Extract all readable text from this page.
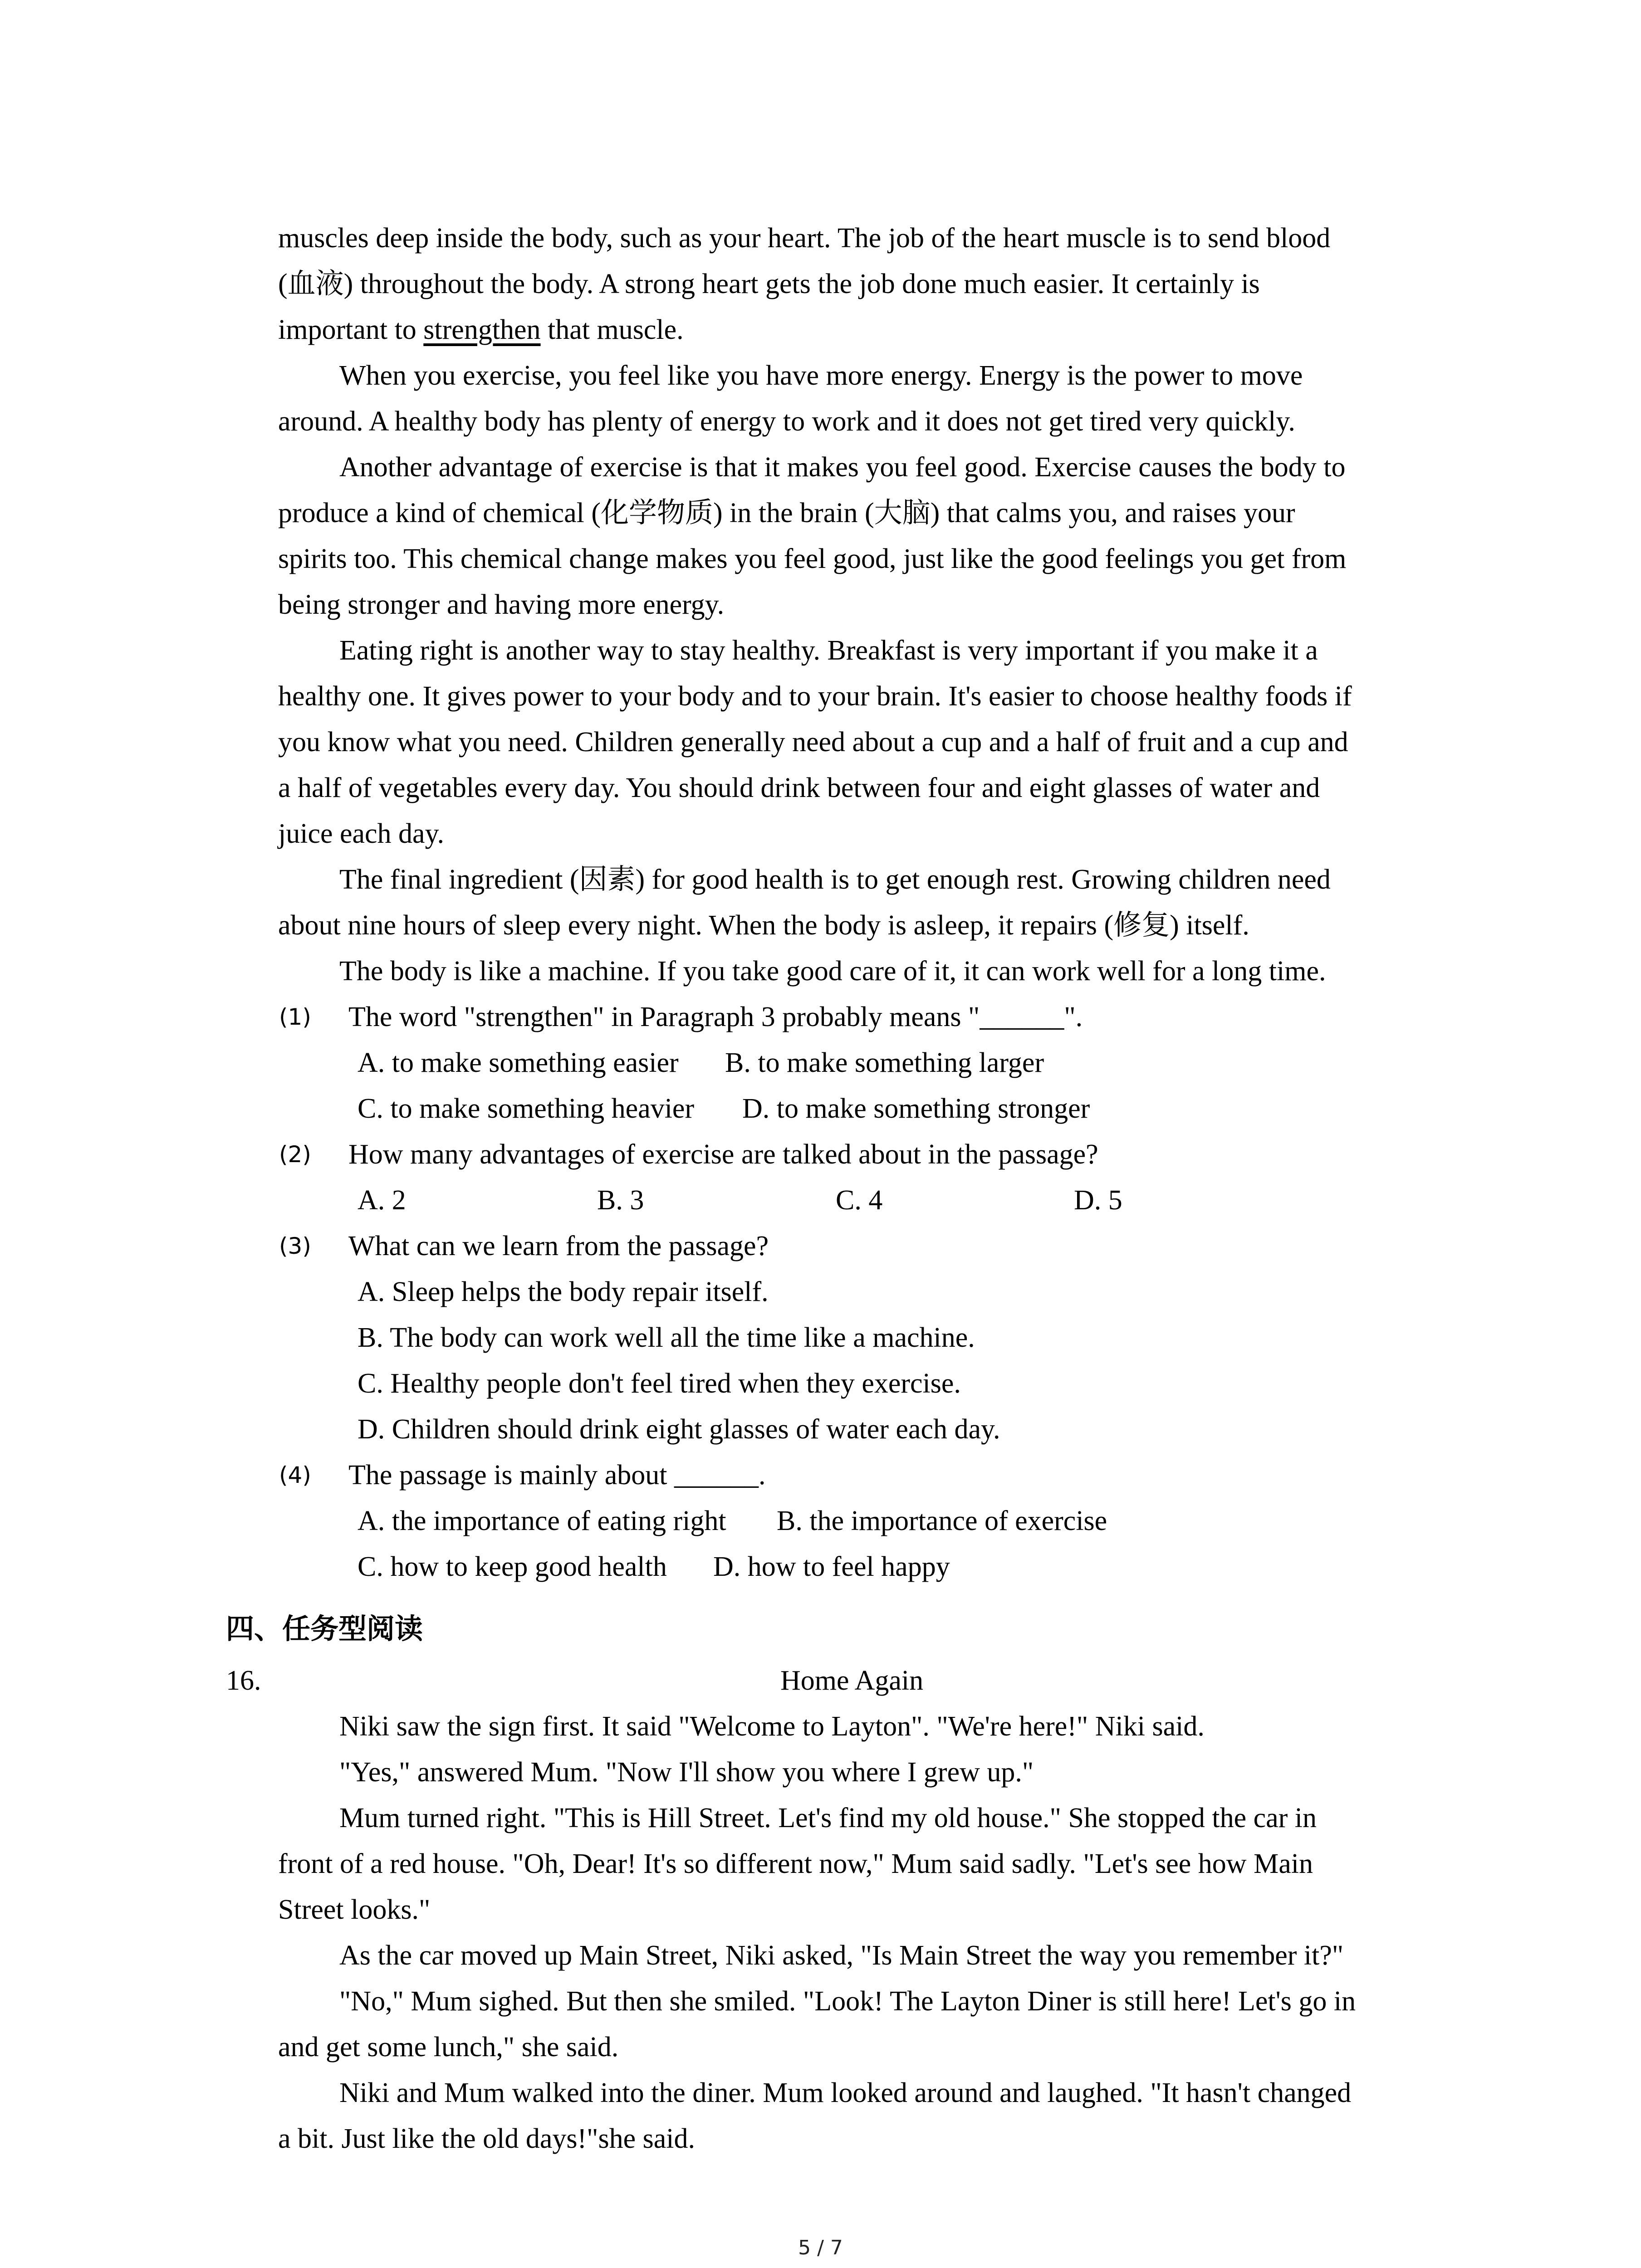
muscles deep inside the body, such as your heart. The job of the heart muscle is to send blood
(血液) throughout the body. A strong heart gets the job done much easier. It certainly is
important to strengthen that muscle.
When you exercise, you feel like you have more energy. Energy is the power to move
around. A healthy body has plenty of energy to work and it does not get tired very quickly.
Another advantage of exercise is that it makes you feel good. Exercise causes the body to
produce a kind of chemical (化学物质) in the brain (大脑) that calms you, and raises your
spirits too. This chemical change makes you feel good, just like the good feelings you get from
being stronger and having more energy.
Eating right is another way to stay healthy. Breakfast is very important if you make it a
healthy one. It gives power to your body and to your brain. It's easier to choose healthy foods if
you know what you need. Children generally need about a cup and a half of fruit and a cup and
a half of vegetables every day. You should drink between four and eight glasses of water and
juice each day.
The final ingredient (因素) for good health is to get enough rest. Growing children need
about nine hours of sleep every night. When the body is asleep, it repairs (修复) itself.
The body is like a machine. If you take good care of it, it can work well for a long time.
(1) The word "strengthen" in Paragraph 3 probably means "______".
A. to make something easier B. to make something larger
C. to make something heavier D. to make something stronger
(2) How many advantages of exercise are talked about in the passage?
A. 2	B. 3	C. 4	D. 5
(3) What can we learn from the passage?
A. Sleep helps the body repair itself.
B. The body can work well all the time like a machine.
C. Healthy people don't feel tired when they exercise.
D. Children should drink eight glasses of water each day.
(4) The passage is mainly about ______.
A. the importance of eating right B. the importance of exercise
C. how to keep good health D. how to feel happy
四、任务型阅读
16.	Home Again
Niki saw the sign first. It said "Welcome to Layton". "We're here!" Niki said.
"Yes," answered Mum. "Now I'll show you where I grew up."
Mum turned right. "This is Hill Street. Let's find my old house." She stopped the car in
front of a red house. "Oh, Dear! It's so different now," Mum said sadly. "Let's see how Main
Street looks."
As the car moved up Main Street, Niki asked, "Is Main Street the way you remember it?"
"No," Mum sighed. But then she smiled. "Look! The Layton Diner is still here! Let's go in
and get some lunch," she said.
Niki and Mum walked into the diner. Mum looked around and laughed. "It hasn't changed
a bit. Just like the old days!"she said.
5 / 7
